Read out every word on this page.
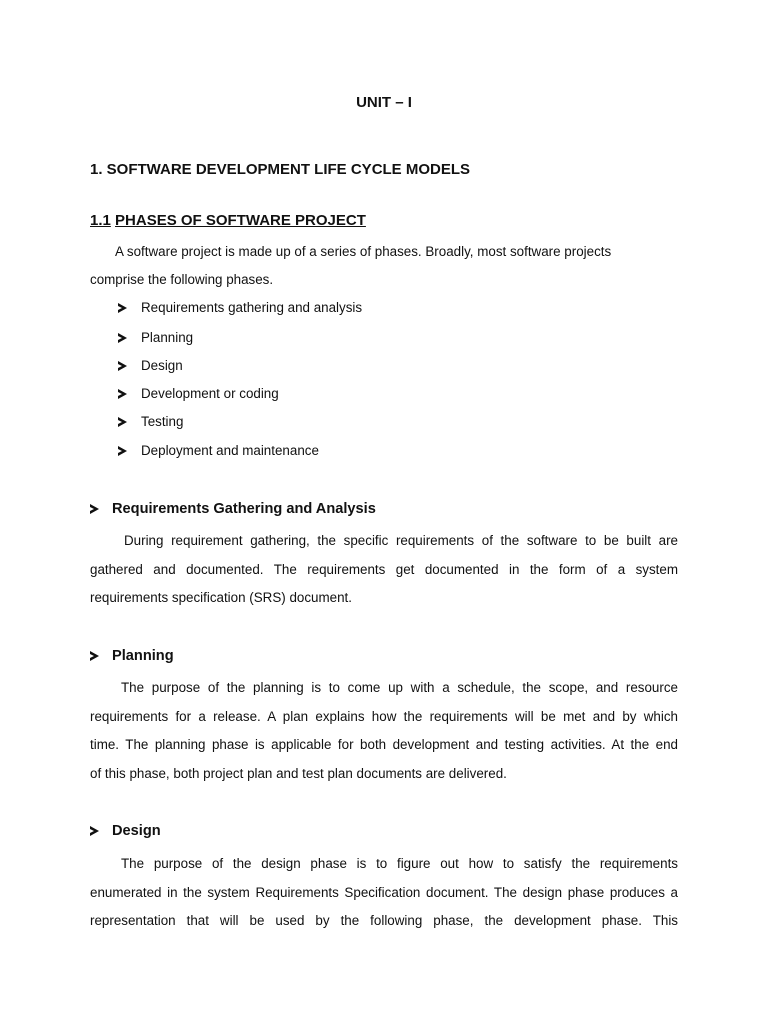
UNIT – I
1. SOFTWARE DEVELOPMENT LIFE CYCLE MODELS
1.1 PHASES OF SOFTWARE PROJECT
A software project is made up of a series of phases. Broadly, most software projects
comprise the following phases.
Requirements gathering and analysis
Planning
Design
Development or coding
Testing
Deployment and maintenance
Requirements Gathering and Analysis
During requirement gathering, the specific requirements of the software to be built are
gathered and documented. The requirements get documented in the form of a system
requirements specification (SRS) document.
Planning
The purpose of the planning is to come up with a schedule, the scope, and resource
requirements for a release. A plan explains how the requirements will be met and by which
time. The planning phase is applicable for both development and testing activities. At the end
of this phase, both project plan and test plan documents are delivered.
Design
The purpose of the design phase is to figure out how to satisfy the requirements
enumerated in the system Requirements Specification document. The design phase produces a
representation that will be used by the following phase, the development phase. This
